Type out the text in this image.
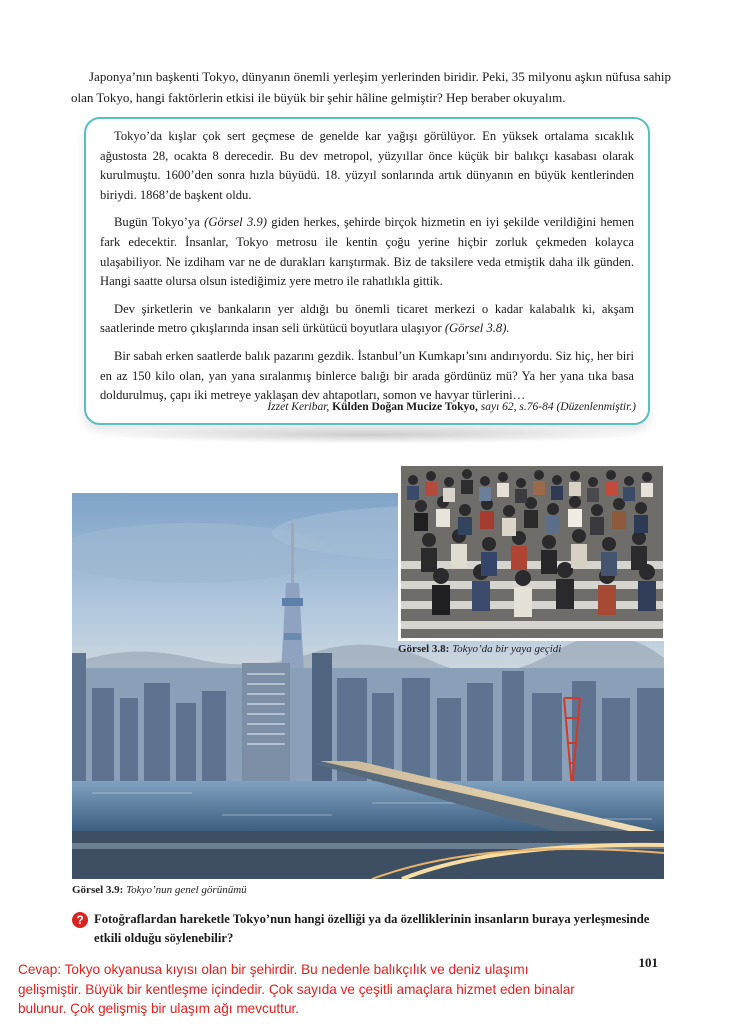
Japonya’nın başkenti Tokyo, dünyanın önemli yerleşim yerlerinden biridir. Peki, 35 milyonu aşkın nüfusa sahip olan Tokyo, hangi faktörlerin etkisi ile büyük bir şehir hâline gelmiştir? Hep beraber okuyalım.

Tokyo’da kışlar çok sert geçmese de genelde kar yağışı görülüyor. En yüksek ortalama sıcaklık ağustosta 28, ocakta 8 derecedir. Bu dev metropol, yüzyıllar önce küçük bir balıkçı kasabası olarak kurulmuştu. 1600’den sonra hızla büyüdü. 18. yüzyıl sonlarında artık dünyanın en büyük kentlerinden biriydi. 1868’de başkent oldu.

Bugün Tokyo’ya (Görsel 3.9) giden herkes, şehirde birçok hizmetin en iyi şekilde verildiğini hemen fark edecektir. İnsanlar, Tokyo metrosu ile kentin çoğu yerine hiçbir zorluk çekmeden kolayca ulaşabiliyor. Ne izdiham var ne de durakları karıştırmak. Biz de taksilere veda etmiştik daha ilk günden. Hangi saatte olursa olsun istediğimiz yere metro ile rahatlıkla gittik.

Dev şirketlerin ve bankaların yer aldığı bu önemli ticaret merkezi o kadar kalabalık ki, akşam saatlerinde metro çıkışlarında insan seli ürkütücü boyutlara ulaşıyor (Görsel 3.8).

Bir sabah erken saatlerde balık pazarını gezdik. İstanbul’un Kumkapı’sını andırıyordu. Siz hiç, her biri en az 150 kilo olan, yan yana sıralanmış binlerce balığı bir arada gördünüz mü? Ya her yana tıka basa doldurulmuş, çapı iki metreye yaklaşan dev ahtapotları, somon ve havyar türlerini…

İzzet Keribar, Külden Doğan Mucize Tokyo, sayı 62, s.76-84 (Düzenlenmiştir.)
Görsel 3.8: Tokyo’da bir yaya geçidi
Görsel 3.9: Tokyo’nun genel görünümü
? Fotoğraflardan hareketle Tokyo’nun hangi özelliği ya da özelliklerinin insanların buraya yerleşmesinde etkili olduğu söylenebilir?
101
Cevap: Tokyo okyanusa kıyısı olan bir şehirdir. Bu nedenle balıkçılık ve deniz ulaşımı gelişmiştir. Büyük bir kentleşme içindedir. Çok sayıda ve çeşitli amaçlara hizmet eden binalar bulunur. Çok gelişmiş bir ulaşım ağı mevcuttur.
